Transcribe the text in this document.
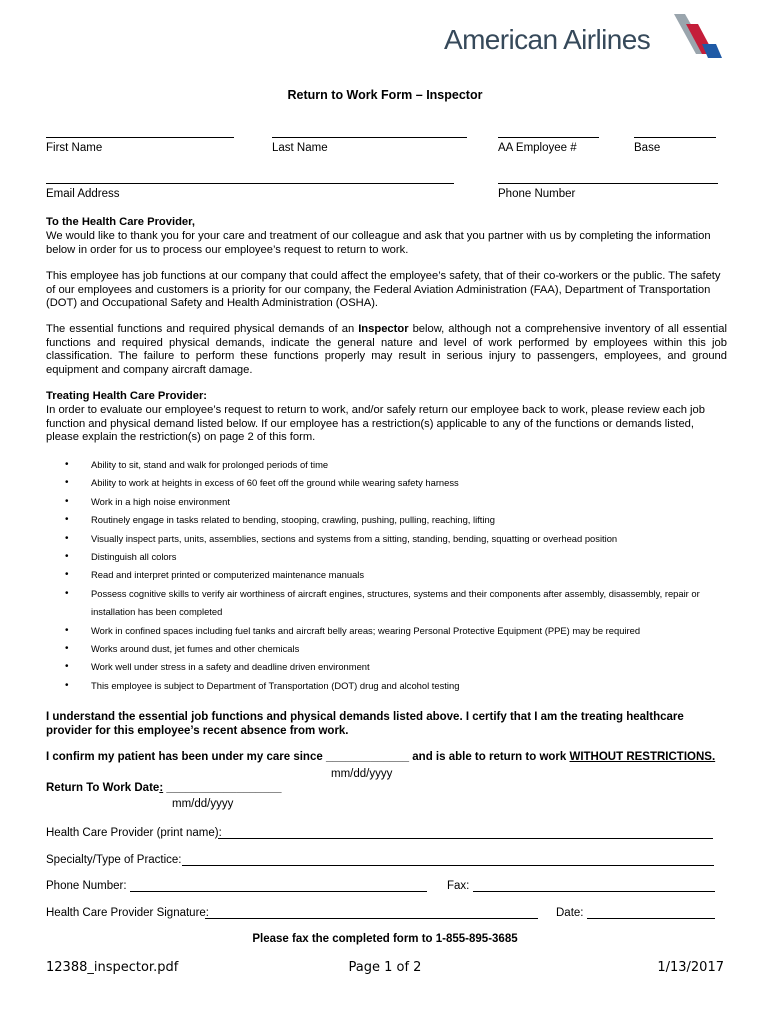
American Airlines
Return to Work Form – Inspector
First Name	Last Name	AA Employee #	Base
Email Address	Phone Number
To the Health Care Provider,
We would like to thank you for your care and treatment of our colleague and ask that you partner with us by completing the information below in order for us to process our employee’s request to return to work.
This employee has job functions at our company that could affect the employee’s safety, that of their co-workers or the public. The safety of our employees and customers is a priority for our company, the Federal Aviation Administration (FAA), Department of Transportation (DOT) and Occupational Safety and Health Administration (OSHA).
The essential functions and required physical demands of an Inspector below, although not a comprehensive inventory of all essential functions and required physical demands, indicate the general nature and level of work performed by employees within this job classification. The failure to perform these functions properly may result in serious injury to passengers, employees, and ground equipment and company aircraft damage.
Treating Health Care Provider:
In order to evaluate our employee’s request to return to work, and/or safely return our employee back to work, please review each job function and physical demand listed below. If our employee has a restriction(s) applicable to any of the functions or demands listed, please explain the restriction(s) on page 2 of this form.
• Ability to sit, stand and walk for prolonged periods of time
• Ability to work at heights in excess of 60 feet off the ground while wearing safety harness
• Work in a high noise environment
• Routinely engage in tasks related to bending, stooping, crawling, pushing, pulling, reaching, lifting
• Visually inspect parts, units, assemblies, sections and systems from a sitting, standing, bending, squatting or overhead position
• Distinguish all colors
• Read and interpret printed or computerized maintenance manuals
• Possess cognitive skills to verify air worthiness of aircraft engines, structures, systems and their components after assembly, disassembly, repair or installation has been completed
• Work in confined spaces including fuel tanks and aircraft belly areas; wearing Personal Protective Equipment (PPE) may be required
• Works around dust, jet fumes and other chemicals
• Work well under stress in a safety and deadline driven environment
• This employee is subject to Department of Transportation (DOT) drug and alcohol testing
I understand the essential job functions and physical demands listed above. I certify that I am the treating healthcare provider for this employee’s recent absence from work.
I confirm my patient has been under my care since _____________ and is able to return to work WITHOUT RESTRICTIONS.
mm/dd/yyyy
Return To Work Date: __________________
mm/dd/yyyy
Health Care Provider (print name):
Specialty/Type of Practice:
Phone Number:	Fax:
Health Care Provider Signature:	Date:
Please fax the completed form to 1-855-895-3685
12388_inspector.pdf	Page 1 of 2	1/13/2017
